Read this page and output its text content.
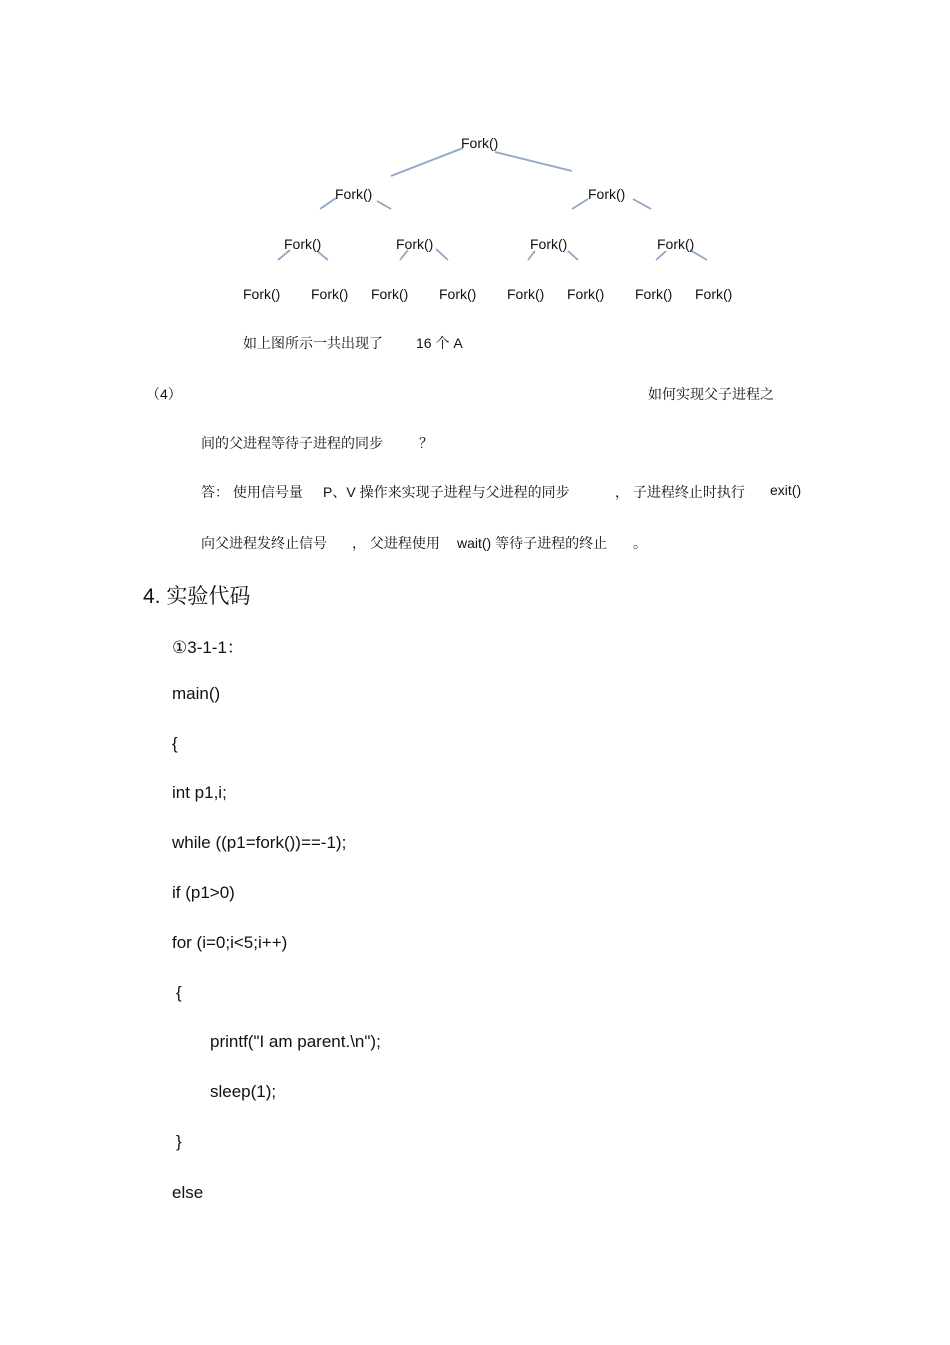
Fork()
Fork()	Fork()
Fork()	Fork()	Fork()	Fork()
Fork() Fork() Fork() Fork() Fork() Fork() Fork() Fork()
如上图所示一共出现了 16 个 A
（4）	如何实现父子进程之
间的父进程等待子进程的同步	？
答： 使用信号量 P、V 操作来实现子进程与父进程的同步	， 子进程终止时执行 exit()
向父进程发终止信号 ， 父进程使用 wait() 等待子进程的终止 。
4. 实验代码
①3-1-1：
main()
{
int p1,i;
while ((p1=fork())==-1);
if (p1>0)
for (i=0;i<5;i++)
{
printf("I am parent.\n");
sleep(1);
}
else
